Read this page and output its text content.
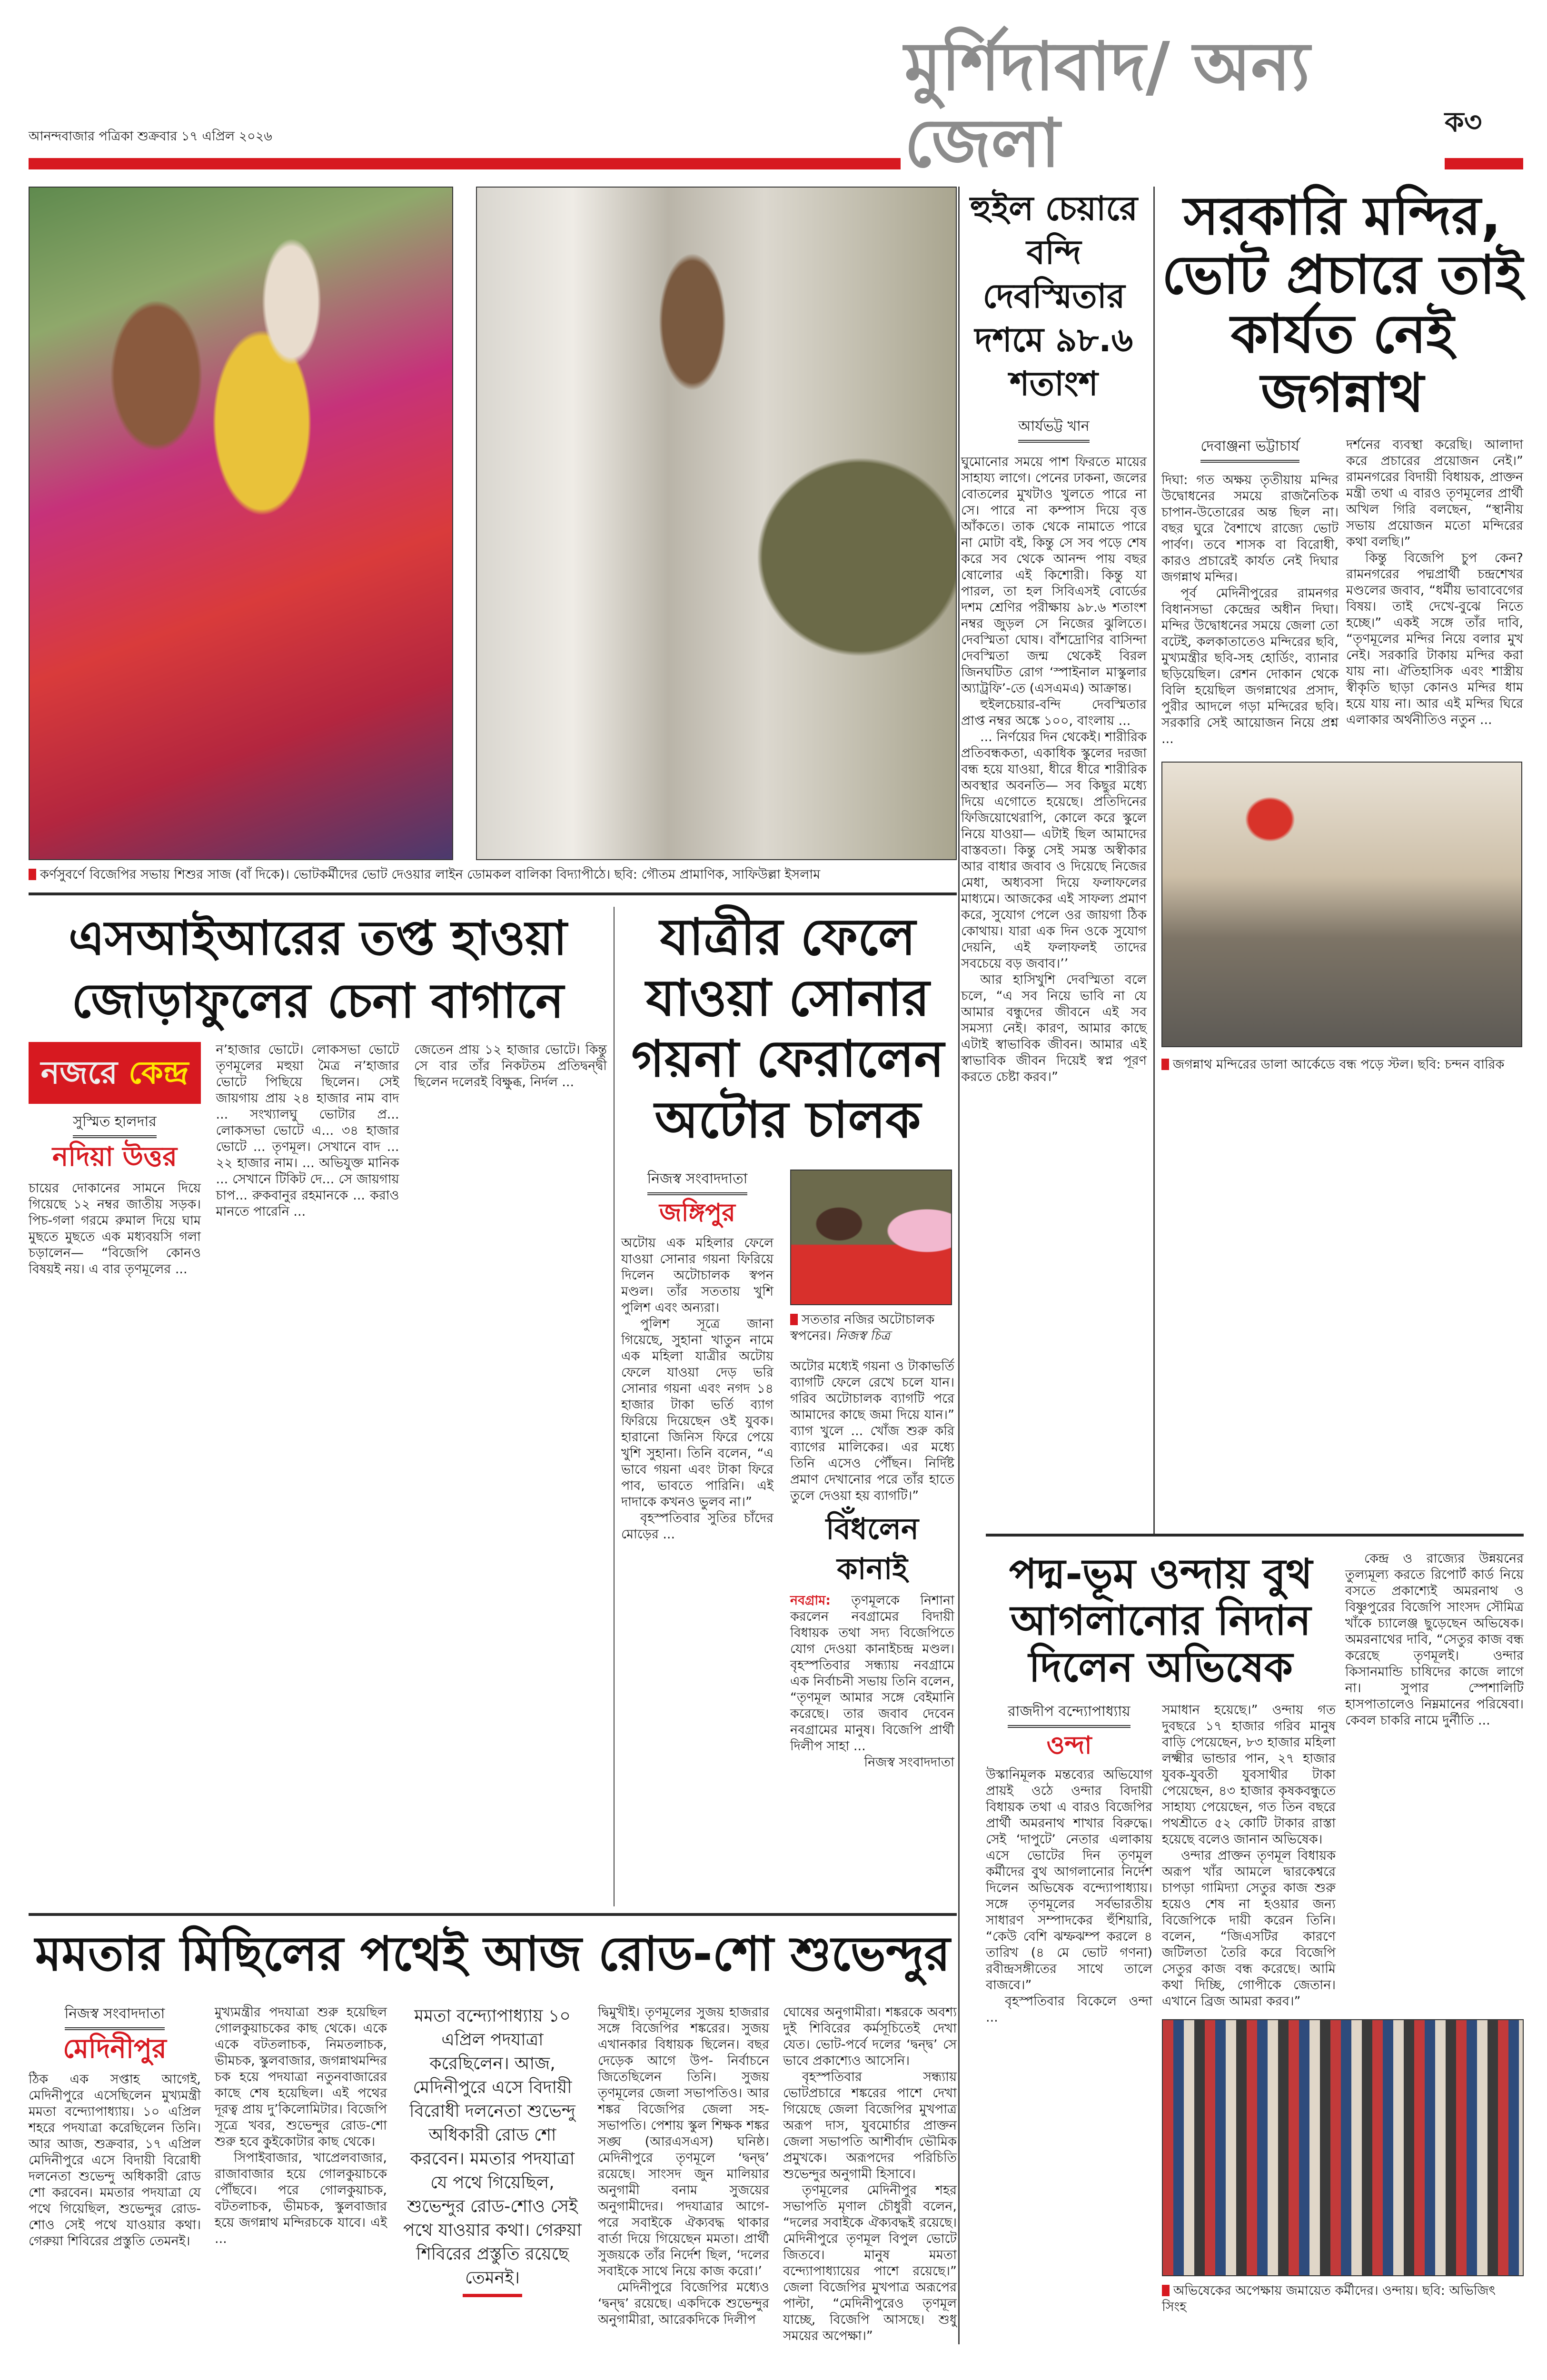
আনন্দবাজার পত্রিকা শুক্রবার ১৭ এপ্রিল ২০২৬
মুর্শিদাবাদ/ অন্য জেলা	ক৩
কর্ণসুবর্ণে বিজেপির সভায় শিশুর সাজ (বাঁ দিকে)। ভোটকর্মীদের ভোট দেওয়ার লাইন ডোমকল বালিকা বিদ্যাপীঠে। ছবি: গৌতম প্রামাণিক, সাফিউল্লা ইসলাম
এসআইআরের তপ্ত হাওয়া
জোড়াফুলের চেনা বাগানে
নজরে কেন্দ্র
সুস্মিত হালদার
নদিয়া উত্তর

চায়ের দোকানের সামনে দিয়ে গিয়েছে ১২ নম্বর জাতীয় সড়ক। পিচ-গলা গরমে রুমাল দিয়ে ঘাম মুছতে মুছতে এক মধ্যবয়সি গলা চড়ালেন— “বিজেপি কোনও বিষয়ই নয়। এ বার তৃণমূলের ...

ন’হাজার ভোটে। লোকসভা ভোটে তৃণমূলের মহুয়া মৈত্র ন’হাজার ভোটে পিছিয়ে ছিলেন। সেই জায়গায় প্রায় ২৪ হাজার নাম বাদ ... সংখ্যালঘু ভোটার প্র... লোকসভা ভোটে এ... ৩৪ হাজার ভোটে ... তৃণমূল। সেখানে বাদ ... ২২ হাজার নাম। ... অভিযুক্ত মানিক ... সেখানে টিকিট দে... সে জায়গায় চাপ... রুকবানুর রহমানকে ... করাও মানতে পারেনি ...

জেতেন প্রায় ১২ হাজার ভোটে। কিন্তু সে বার তাঁর নিকটতম প্রতিদ্বন্দ্বী ছিলেন দলেরই বিক্ষুব্ধ, নির্দল ...

যাত্রীর ফেলে যাওয়া সোনার গয়না ফেরালেন অটোর চালক
নিজস্ব সংবাদদাতা
জঙ্গিপুর

অটোয় এক মহিলার ফেলে যাওয়া সোনার গয়না ফিরিয়ে দিলেন অটোচালক স্বপন মণ্ডল। তাঁর সততায় খুশি পুলিশ এবং অন্যরা।

পুলিশ সূত্রে জানা গিয়েছে, সুহানা খাতুন নামে এক মহিলা যাত্রীর অটোয় ফেলে যাওয়া দেড় ভরি সোনার গয়না এবং নগদ ১৪ হাজার টাকা ভর্তি ব্যাগ ফিরিয়ে দিয়েছেন ওই যুবক। হারানো জিনিস ফিরে পেয়ে খুশি সুহানা। তিনি বলেন, “এ ভাবে গয়না এবং টাকা ফিরে পাব, ভাবতে পারিনি। এই দাদাকে কখনও ভুলব না।”

বৃহস্পতিবার সুতির চাঁদের মোড়ের ...

সততার নজির অটোচালক স্বপনের। নিজস্ব চিত্র

অটোর মধ্যেই গয়না ও টাকাভর্তি ব্যাগটি ফেলে রেখে চলে যান। গরিব অটোচালক ব্যাগটি পরে আমাদের কাছে জমা দিয়ে যান।” ব্যাগ খুলে ... খোঁজ শুরু করি ব্যাগের মালিকের। এর মধ্যে তিনি এসেও পৌঁছন। নির্দিষ্ট প্রমাণ দেখানোর পরে তাঁর হাতে তুলে দেওয়া হয় ব্যাগটি।”

বিঁধলেন কানাই

নবগ্রাম: তৃণমূলকে নিশানা করলেন নবগ্রামের বিদায়ী বিধায়ক তথা সদ্য বিজেপিতে যোগ দেওয়া কানাইচন্দ্র মণ্ডল। বৃহস্পতিবার সন্ধ্যায় নবগ্রামে এক নির্বাচনী সভায় তিনি বলেন, “তৃণমূল আমার সঙ্গে বেইমানি করেছে। তার জবাব দেবেন নবগ্রামের মানুষ। বিজেপি প্রার্থী দিলীপ সাহা ...

নিজস্ব সংবাদদাতা

মমতার মিছিলের পথেই আজ রোড-শো শুভেন্দুর
নিজস্ব সংবাদদাতা
মেদিনীপুর

ঠিক এক সপ্তাহ আগেই, মেদিনীপুরে এসেছিলেন মুখ্যমন্ত্রী মমতা বন্দ্যোপাধ্যায়। ১০ এপ্রিল শহরে পদযাত্রা করেছিলেন তিনি। আর আজ, শুক্রবার, ১৭ এপ্রিল মেদিনীপুরে এসে বিদায়ী বিরোধী দলনেতা শুভেন্দু অধিকারী রোড শো করবেন। মমতার পদযাত্রা যে পথে গিয়েছিল, শুভেন্দুর রোড-শোও সেই পথে যাওয়ার কথা। গেরুয়া শিবিরের প্রস্তুতি তেমনই।

মুখ্যমন্ত্রীর পদযাত্রা শুরু হয়েছিল গোলকুয়াচকের কাছ থেকে। একে একে বটতলাচক, নিমতলাচক, ভীমচক, স্কুলবাজার, জগন্নাথমন্দির চক হয়ে পদযাত্রা নতুনবাজারের কাছে শেষ হয়েছিল। এই পথের দূরত্ব প্রায় দু’কিলোমিটার। বিজেপি সূত্রে খবর, শুভেন্দুর রোড-শো শুরু হবে কুইকোটার কাছ থেকে।

সিপাইবাজার, খাপ্রেলবাজার, রাজাবাজার হয়ে গোলকুয়াচকে পৌঁছবে। পরে গোলকুয়াচক, বটতলাচক, ভীমচক, স্কুলবাজার হয়ে জগন্নাথ মন্দিরচকে যাবে। এই ...

মমতা বন্দ্যোপাধ্যায় ১০ এপ্রিল পদযাত্রা করেছিলেন। আজ, মেদিনীপুরে এসে বিদায়ী বিরোধী দলনেতা শুভেন্দু অধিকারী রোড শো করবেন। মমতার পদযাত্রা যে পথে গিয়েছিল, শুভেন্দুর রোড-শোও সেই পথে যাওয়ার কথা। গেরুয়া শিবিরের প্রস্তুতি রয়েছে তেমনই।

দ্বিমুখীই। তৃণমূলের সুজয় হাজরার সঙ্গে বিজেপির শঙ্করের। সুজয় এখানকার বিধায়ক ছিলেন। বছর দেড়েক আগে উপ- নির্বাচনে জিতেছিলেন তিনি। সুজয় তৃণমূলের জেলা সভাপতিও। আর শঙ্কর বিজেপির জেলা সহ-সভাপতি। পেশায় স্কুল শিক্ষক শঙ্কর সঙ্ঘ (আরএসএস) ঘনিষ্ঠ। মেদিনীপুরে তৃণমূলে ‘দ্বন্দ্ব’ রয়েছে। সাংসদ জুন মালিয়ার অনুগামী বনাম সুজয়ের অনুগামীদের। পদযাত্রার আগে-পরে সবাইকে ঐক্যবদ্ধ থাকার বার্তা দিয়ে গিয়েছেন মমতা। প্রার্থী সুজয়কে তাঁর নির্দেশ ছিল, ‘দলের সবাইকে সাথে নিয়ে কাজ করো।’

মেদিনীপুরে বিজেপির মধ্যেও ‘দ্বন্দ্ব’ রয়েছে। একদিকে শুভেন্দুর অনুগামীরা, আরেকদিকে দিলীপ

ঘোষের অনুগামীরা। শঙ্করকে অবশ্য দুই শিবিরের কর্মসূচিতেই দেখা যেত। ভোট-পর্বে দলের ‘দ্বন্দ্ব’ সে ভাবে প্রকাশ্যেও আসেনি।

বৃহস্পতিবার সন্ধ্যায় ভোটপ্রচারে শঙ্করের পাশে দেখা গিয়েছে জেলা বিজেপির মুখপাত্র অরূপ দাস, যুবমোর্চার প্রাক্তন জেলা সভাপতি আশীর্বাদ ভৌমিক প্রমুখকে। অরূপদের পরিচিতি শুভেন্দুর অনুগামী হিসাবে।

তৃণমূলের মেদিনীপুর শহর সভাপতি মৃণাল চৌধুরী বলেন, “দলের সবাইকে ঐক্যবদ্ধই রয়েছে। মেদিনীপুরে তৃণমূল বিপুল ভোটে জিতবে। মানুষ মমতা বন্দ্যোপাধ্যায়ের পাশে রয়েছে।” জেলা বিজেপির মুখপাত্র অরূপের পাল্টা, “মেদিনীপুরেও তৃণমূল যাচ্ছে, বিজেপি আসছে। শুধু সময়ের অপেক্ষা।”

হুইল চেয়ারে বন্দি দেবস্মিতার দশমে ৯৮.৬ শতাংশ
আর্যভট্ট খান

ঘুমোনোর সময়ে পাশ ফিরতে মায়ের সাহায্য লাগে। পেনের ঢাকনা, জলের বোতলের মুখটাও খুলতে পারে না সে। পারে না কম্পাস দিয়ে বৃত্ত আঁকতে। তাক থেকে নামাতে পারে না মোটা বই, কিন্তু সে সব পড়ে শেষ করে সব থেকে আনন্দ পায় বছর ষোলোর এই কিশোরী। কিন্তু যা পারল, তা হল সিবিএসই বোর্ডের দশম শ্রেণির পরীক্ষায় ৯৮.৬ শতাংশ নম্বর জুড়ল সে নিজের ঝুলিতে। দেবস্মিতা ঘোষ। বাঁশদ্রোণির বাসিন্দা দেবস্মিতা জন্ম থেকেই বিরল জিনঘটিত রোগ ‘স্পাইনাল মাস্কুলার অ্যাট্রফি’-তে (এসএমএ) আক্রান্ত।

হুইলচেয়ার-বন্দি দেবস্মিতার প্রাপ্ত নম্বর অঙ্কে ১০০, বাংলায় ...

... নির্ণয়ের দিন থেকেই। শারীরিক প্রতিবন্ধকতা, একাধিক স্কুলের দরজা বন্ধ হয়ে যাওয়া, ধীরে ধীরে শারীরিক অবস্থার অবনতি— সব কিছুর মধ্যে দিয়ে এগোতে হয়েছে। প্রতিদিনের ফিজিয়োথেরাপি, কোলে করে স্কুলে নিয়ে যাওয়া— এটাই ছিল আমাদের বাস্তবতা। কিন্তু সেই সমস্ত অস্বীকার আর বাধার জবাব ও দিয়েছে নিজের মেধা, অধ্যবসা দিয়ে ফলাফলের মাধ্যমে। আজকের এই সাফল্য প্রমাণ করে, সুযোগ পেলে ওর জায়গা ঠিক কোথায়। যারা এক দিন ওকে সুযোগ দেয়নি, এই ফলাফলই তাদের সবচেয়ে বড় জবাব।’’

আর হাসিখুশি দেবস্মিতা বলে চলে, “এ সব নিয়ে ভাবি না যে আমার বন্ধুদের জীবনে এই সব সমস্যা নেই। কারণ, আমার কাছে এটাই স্বাভাবিক জীবন। আমার এই স্বাভাবিক জীবন দিয়েই স্বপ্ন পূরণ করতে চেষ্টা করব।”

সরকারি মন্দির, ভোট প্রচারে তাই কার্যত নেই জগন্নাথ
দেবাঞ্জনা ভট্টাচার্য

দিঘা: গত অক্ষয় তৃতীয়ায় মন্দির উদ্বোধনের সময়ে রাজনৈতিক চাপান-উতোরের অন্ত ছিল না। বছর ঘুরে বৈশাখে রাজ্যে ভোট পার্বণ। তবে শাসক বা বিরোধী, কারও প্রচারেই কার্যত নেই দিঘার জগন্নাথ মন্দির।

পূর্ব মেদিনীপুরের রামনগর বিধানসভা কেন্দ্রের অধীন দিঘা। মন্দির উদ্বোধনের সময়ে জেলা তো বটেই, কলকাতাতেও মন্দিরের ছবি, মুখ্যমন্ত্রীর ছবি-সহ হোর্ডিং, ব্যানার ছড়িয়েছিল। রেশন দোকান থেকে বিলি হয়েছিল জগন্নাথের প্রসাদ, পুরীর আদলে গড়া মন্দিরের ছবি। সরকারি সেই আয়োজন নিয়ে প্রশ্ন ...

দর্শনের ব্যবস্থা করেছি। আলাদা করে প্রচারের প্রয়োজন নেই।” রামনগরের বিদায়ী বিধায়ক, প্রাক্তন মন্ত্রী তথা এ বারও তৃণমূলের প্রার্থী অখিল গিরি বলছেন, “স্থানীয় সভায় প্রয়োজন মতো মন্দিরের কথা বলছি।”

কিন্তু বিজেপি চুপ কেন? রামনগরের পদ্মপ্রার্থী চন্দ্রশেখর মণ্ডলের জবাব, “ধর্মীয় ভাবাবেগের বিষয়। তাই দেখে-বুঝে নিতে হচ্ছে।” একই সঙ্গে তাঁর দাবি, “তৃণমূলের মন্দির নিয়ে বলার মুখ নেই। সরকারি টাকায় মন্দির করা যায় না। ঐতিহাসিক এবং শাস্ত্রীয় স্বীকৃতি ছাড়া কোনও মন্দির ধাম হয়ে যায় না। আর এই মন্দির ঘিরে এলাকার অর্থনীতিও নতুন ...

জগন্নাথ মন্দিরের ডালা আর্কেডে বন্ধ পড়ে স্টল। ছবি: চন্দন বারিক
পদ্ম-ভূম ওন্দায় বুথ আগলানোর নিদান দিলেন অভিষেক

কেন্দ্র ও রাজ্যের উন্নয়নের তুল্যমূল্য করতে রিপোর্ট কার্ড নিয়ে বসতে প্রকাশ্যেই অমরনাথ ও বিষ্ণুপুরের বিজেপি সাংসদ সৌমিত্র খাঁকে চ্যালেঞ্জ ছুড়েছেন অভিষেক। অমরনাথের দাবি, “সেতুর কাজ বন্ধ করেছে তৃণমূলই। ওন্দার কিসানমান্ডি চাষিদের কাজে লাগে না। সুপার স্পেশালিটি হাসপাতালেও নিম্নমানের পরিষেবা। কেবল চাকরি নামে দুর্নীতি ...

রাজদীপ বন্দ্যোপাধ্যায়
ওন্দা

উস্কানিমূলক মন্তব্যের অভিযোগ প্রায়ই ওঠে ওন্দার বিদায়ী বিধায়ক তথা এ বারও বিজেপির প্রার্থী অমরনাথ শাখার বিরুদ্ধে। সেই ‘দাপুটে’ নেতার এলাকায় এসে ভোটের দিন তৃণমূল কর্মীদের বুথ আগলানোর নির্দেশ দিলেন অভিষেক বন্দ্যোপাধ্যায়। সঙ্গে তৃণমূলের সর্বভারতীয় সাধারণ সম্পাদকের হুঁশিয়ারি, “কেউ বেশি ঝম্ফঝম্প করলে ৪ তারিখ (৪ মে ভোট গণনা) রবীন্দ্রসঙ্গীতের সাথে তালে বাজবে।”

বৃহস্পতিবার বিকেলে ওন্দা ...

সমাধান হয়েছে।” ওন্দায় গত দুবছরে ১৭ হাজার গরিব মানুষ বাড়ি পেয়েছেন, ৮৩ হাজার মহিলা লক্ষ্মীর ভান্ডার পান, ২৭ হাজার যুবক-যুবতী যুবসাথীর টাকা পেয়েছেন, ৪৩ হাজার কৃষকবন্ধুতে সাহায্য পেয়েছেন, গত তিন বছরে পথশ্রীতে ৫২ কোটি টাকার রাস্তা হয়েছে বলেও জানান অভিষেক।

ওন্দার প্রাক্তন তৃণমূল বিধায়ক অরূপ খাঁর আমলে দ্বারকেশ্বরে চাপড়া গামিদ্যা সেতুর কাজ শুরু হয়েও শেষ না হওয়ার জন্য বিজেপিকে দায়ী করেন তিনি। বলেন, “জিএসটির কারণে জটিলতা তৈরি করে বিজেপি সেতুর কাজ বন্ধ করেছে। আমি কথা দিচ্ছি, গোপীকে জেতান। এখানে ব্রিজ আমরা করব।”

অভিষেকের অপেক্ষায় জমায়েত কর্মীদের। ওন্দায়। ছবি: অভিজিৎ সিংহ
